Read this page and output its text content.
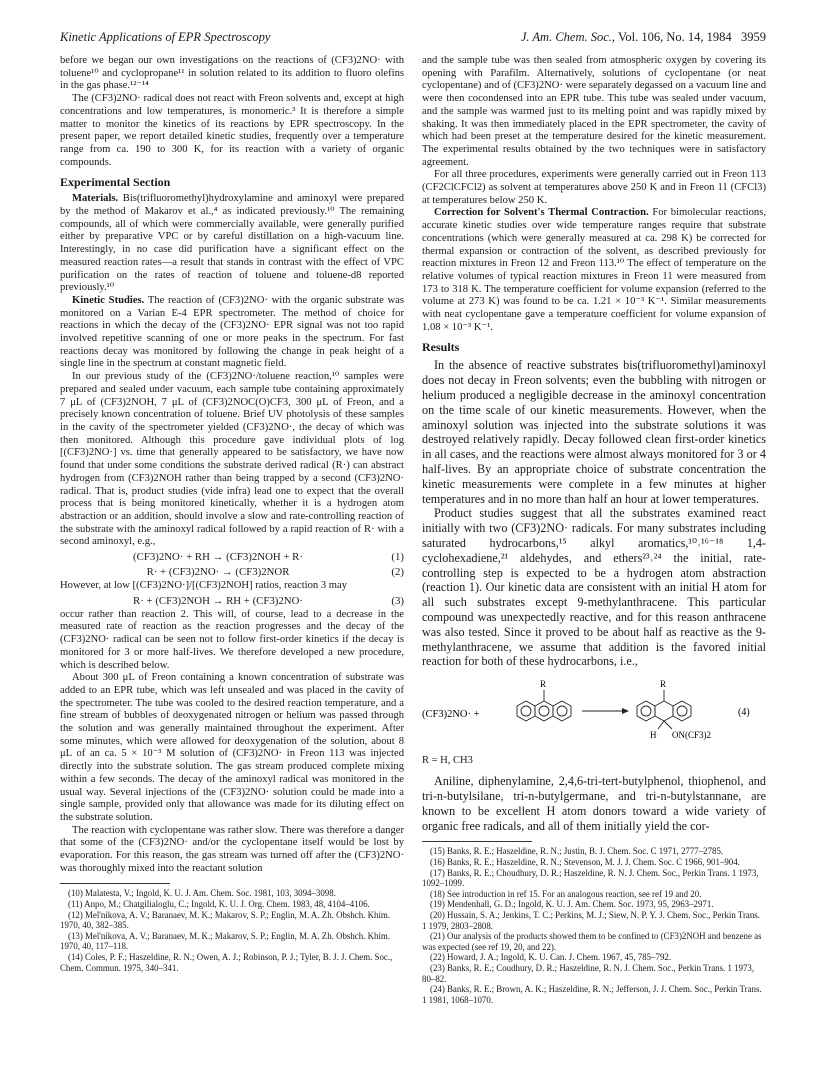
Kinetic Applications of EPR Spectroscopy	J. Am. Chem. Soc., Vol. 106, No. 14, 1984 3959

before we began our own investigations on the reactions of (CF3)2NO· with toluene¹⁰ and cyclopropane¹¹ in solution related to its addition to fluoro olefins in the gas phase.¹²⁻¹⁴

The (CF3)2NO· radical does not react with Freon solvents and, except at high concentrations and low temperatures, is monomeric.³ It is therefore a simple matter to monitor the kinetics of its reactions by EPR spectroscopy. In the present paper, we report detailed kinetic studies, frequently over a temperature range from ca. 190 to 300 K, for its reaction with a variety of organic compounds.

Experimental Section

Materials. Bis(trifluoromethyl)hydroxylamine and aminoxyl were prepared by the method of Makarov et al.,⁴ as indicated previously.¹⁰ The remaining compounds, all of which were commercially available, were generally purified either by preparative VPC or by careful distillation on a high-vacuum line. Interestingly, in no case did purification have a significant effect on the measured reaction rates—a result that stands in contrast with the effect of VPC purification on the rates of reaction of toluene and toluene-d8 reported previously.¹⁰

Kinetic Studies. The reaction of (CF3)2NO· with the organic substrate was monitored on a Varian E-4 EPR spectrometer. The method of choice for reactions in which the decay of the (CF3)2NO· EPR signal was not too rapid involved repetitive scanning of one or more peaks in the spectrum. For fast reactions decay was monitored by following the change in peak height of a single line in the spectrum at constant magnetic field.

In our previous study of the (CF3)2NO·/toluene reaction,¹⁰ samples were prepared and sealed under vacuum, each sample tube containing approximately 7 μL of (CF3)2NOH, 7 μL of (CF3)2NOC(O)CF3, 300 μL of Freon, and a precisely known concentration of toluene. Brief UV photolysis of these samples in the cavity of the spectrometer yielded (CF3)2NO·, the decay of which was then monitored. Although this procedure gave individual plots of log [(CF3)2NO·] vs. time that generally appeared to be satisfactory, we have now found that under some conditions the substrate derived radical (R·) can abstract hydrogen from (CF3)2NOH rather than being trapped by a second (CF3)2NO· radical. That is, product studies (vide infra) lead one to expect that the overall process that is being monitored kinetically, whether it is a hydrogen atom abstraction or an addition, should involve a slow and rate-controlling reaction of the substrate with the aminoxyl radical followed by a rapid reaction of R· with a second aminoxyl, e.g.,

(CF3)2NO· + RH → (CF3)2NOH + R·	(1)
R· + (CF3)2NO· → (CF3)2NOR	(2)

However, at low [(CF3)2NO·]/[(CF3)2NOH] ratios, reaction 3 may

R· + (CF3)2NOH → RH + (CF3)2NO·	(3)

occur rather than reaction 2. This will, of course, lead to a decrease in the measured rate of reaction as the reaction progresses and the decay of the (CF3)2NO· radical can be seen not to follow first-order kinetics if the decay is monitored for 3 or more half-lives. We therefore developed a new procedure, which is described below.

About 300 μL of Freon containing a known concentration of substrate was added to an EPR tube, which was left unsealed and was placed in the cavity of the spectrometer. The tube was cooled to the desired reaction temperature, and a fine stream of bubbles of deoxygenated nitrogen or helium was passed through the solution and was generally maintained throughout the experiment. After some minutes, which were allowed for deoxygenation of the solution, about 8 μL of an ca. 5 × 10⁻³ M solution of (CF3)2NO· in Freon 113 was injected directly into the substrate solution. The gas stream produced complete mixing within a few seconds. The decay of the aminoxyl radical was monitored in the usual way. Several injections of the (CF3)2NO· solution could be made into a single sample, provided only that allowance was made for its diluting effect on the substrate solution.

The reaction with cyclopentane was rather slow. There was therefore a danger that some of the (CF3)2NO· and/or the cyclopentane itself would be lost by evaporation. For this reason, the gas stream was turned off after the (CF3)2NO· was thoroughly mixed into the reactant solution

(10) Malatesta, V.; Ingold, K. U. J. Am. Chem. Soc. 1981, 103, 3094–3098.

(11) Anpo, M.; Chatgilialoglu, C.; Ingold, K. U. J. Org. Chem. 1983, 48, 4104–4106.

(12) Mel'nikova, A. V.; Baranaev, M. K.; Makarov, S. P.; Englin, M. A. Zh. Obshch. Khim. 1970, 40, 382–385.

(13) Mel'nikova, A. V.; Baranaev, M. K.; Makarov, S. P.; Englin, M. A. Zh. Obshch. Khim. 1970, 40, 117–118.

(14) Coles, P. F.; Haszeldine, R. N.; Owen, A. J.; Robinson, P. J.; Tyler, B. J. J. Chem. Soc., Chem. Commun. 1975, 340–341.

and the sample tube was then sealed from atmospheric oxygen by covering its opening with Parafilm. Alternatively, solutions of cyclopentane (or neat cyclopentane) and of (CF3)2NO· were separately degassed on a vacuum line and were then cocondensed into an EPR tube. This tube was sealed under vacuum, and the sample was warmed just to its melting point and was rapidly mixed by shaking. It was then immediately placed in the EPR spectrometer, the cavity of which had been preset at the temperature desired for the kinetic measurement. The experimental results obtained by the two techniques were in satisfactory agreement.

For all three procedures, experiments were generally carried out in Freon 113 (CF2ClCFCl2) as solvent at temperatures above 250 K and in Freon 11 (CFCl3) at temperatures below 250 K.

Correction for Solvent's Thermal Contraction. For bimolecular reactions, accurate kinetic studies over wide temperature ranges require that substrate concentrations (which were generally measured at ca. 298 K) be corrected for thermal expansion or contraction of the solvent, as described previously for reaction mixtures in Freon 12 and Freon 113.¹⁰ The effect of temperature on the relative volumes of typical reaction mixtures in Freon 11 were measured from 173 to 318 K. The temperature coefficient for volume expansion (referred to the volume at 273 K) was found to be ca. 1.21 × 10⁻³ K⁻¹. Similar measurements with neat cyclopentane gave a temperature coefficient for volume expansion of 1.08 × 10⁻³ K⁻¹.

Results

In the absence of reactive substrates bis(trifluoromethyl)aminoxyl does not decay in Freon solvents; even the bubbling with nitrogen or helium produced a negligible decrease in the aminoxyl concentration on the time scale of our kinetic measurements. However, when the aminoxyl solution was injected into the substrate solutions it was destroyed relatively rapidly. Decay followed clean first-order kinetics in all cases, and the reactions were almost always monitored for 3 or 4 half-lives. By an appropriate choice of substrate concentration the kinetic measurements were complete in a few minutes at higher temperatures and in no more than half an hour at lower temperatures.

Product studies suggest that all the substrates examined react initially with two (CF3)2NO· radicals. For many substrates including saturated hydrocarbons,¹⁵ alkyl aromatics,¹⁰˒¹⁶⁻¹⁸ 1,4-cyclohexadiene,²¹ aldehydes, and ethers²³˒²⁴ the initial, rate-controlling step is expected to be a hydrogen atom abstraction (reaction 1). Our kinetic data are consistent with an initial H atom for all such substrates except 9-methylanthracene. This particular compound was unexpectedly reactive, and for this reason anthracene was also tested. Since it proved to be about half as reactive as the 9-methylanthracene, we assume that addition is the favored initial reaction for both of these hydrocarbons, i.e.,

(CF3)2NO· +
R	R
H ON(CF3)2
(4)
R = H, CH3

Aniline, diphenylamine, 2,4,6-tri-tert-butylphenol, thiophenol, and tri-n-butylsilane, tri-n-butylgermane, and tri-n-butylstannane, are known to be excellent H atom donors toward a wide variety of organic free radicals, and all of them initially yield the cor-

(15) Banks, R. E.; Haszeldine, R. N.; Justin, B. J. Chem. Soc. C 1971, 2777–2785.

(16) Banks, R. E.; Haszeldine, R. N.; Stevenson, M. J. J. Chem. Soc. C 1966, 901–904.

(17) Banks, R. E.; Choudhury, D. R.; Haszeldine, R. N. J. Chem. Soc., Perkin Trans. 1 1973, 1092–1099.

(18) See introduction in ref 15. For an analogous reaction, see ref 19 and 20.

(19) Mendenhall, G. D.; Ingold, K. U. J. Am. Chem. Soc. 1973, 95, 2963–2971.

(20) Hussain, S. A.; Jenkins, T. C.; Perkins, M. J.; Siew, N. P. Y. J. Chem. Soc., Perkin Trans. 1 1979, 2803–2808.

(21) Our analysis of the products showed them to be confined to (CF3)2NOH and benzene as was expected (see ref 19, 20, and 22).

(22) Howard, J. A.; Ingold, K. U. Can. J. Chem. 1967, 45, 785–792.

(23) Banks, R. E.; Coudhury, D. R.; Haszeldine, R. N. J. Chem. Soc., Perkin Trans. 1 1973, 80–82.

(24) Banks, R. E.; Brown, A. K.; Haszeldine, R. N.; Jefferson, J. J. Chem. Soc., Perkin Trans. 1 1981, 1068–1070.
